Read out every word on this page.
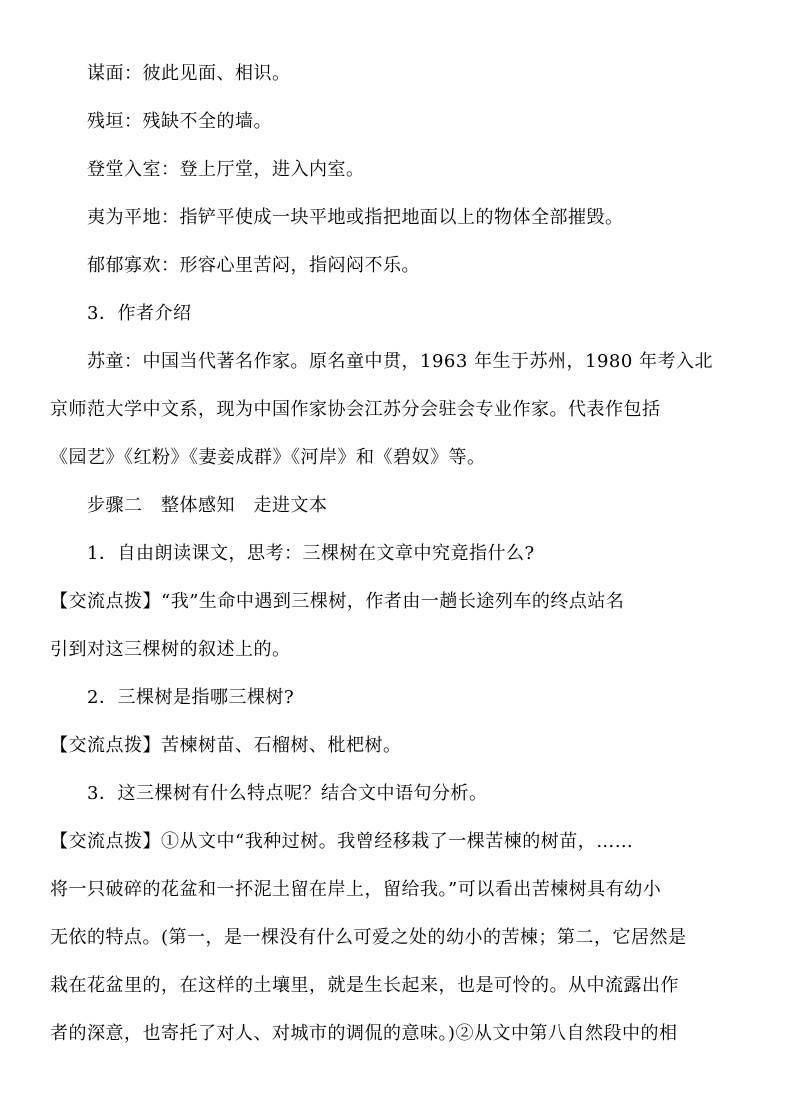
谋面：彼此见面、相识。
残垣：残缺不全的墙。
登堂入室：登上厅堂，进入内室。
夷为平地：指铲平使成一块平地或指把地面以上的物体全部摧毁。
郁郁寡欢：形容心里苦闷，指闷闷不乐。
3．作者介绍
苏童：中国当代著名作家。原名童中贯，1963 年生于苏州，1980 年考入北
京师范大学中文系，现为中国作家协会江苏分会驻会专业作家。代表作包括
《园艺》《红粉》《妻妾成群》《河岸》和《碧奴》等。
步骤二　整体感知　走进文本
1．自由朗读课文，思考：三棵树在文章中究竟指什么?
【交流点拨】“我”生命中遇到三棵树，作者由一趟长途列车的终点站名
引到对这三棵树的叙述上的。
2．三棵树是指哪三棵树?
【交流点拨】苦楝树苗、石榴树、枇杷树。
3．这三棵树有什么特点呢？结合文中语句分析。
【交流点拨】①从文中“我种过树。我曾经移栽了一棵苦楝的树苗，……
将一只破碎的花盆和一抔泥土留在岸上，留给我。”可以看出苦楝树具有幼小
无依的特点。(第一，是一棵没有什么可爱之处的幼小的苦楝；第二，它居然是
栽在花盆里的，在这样的土壤里，就是生长起来，也是可怜的。从中流露出作
者的深意，也寄托了对人、对城市的调侃的意味。)②从文中第八自然段中的相
